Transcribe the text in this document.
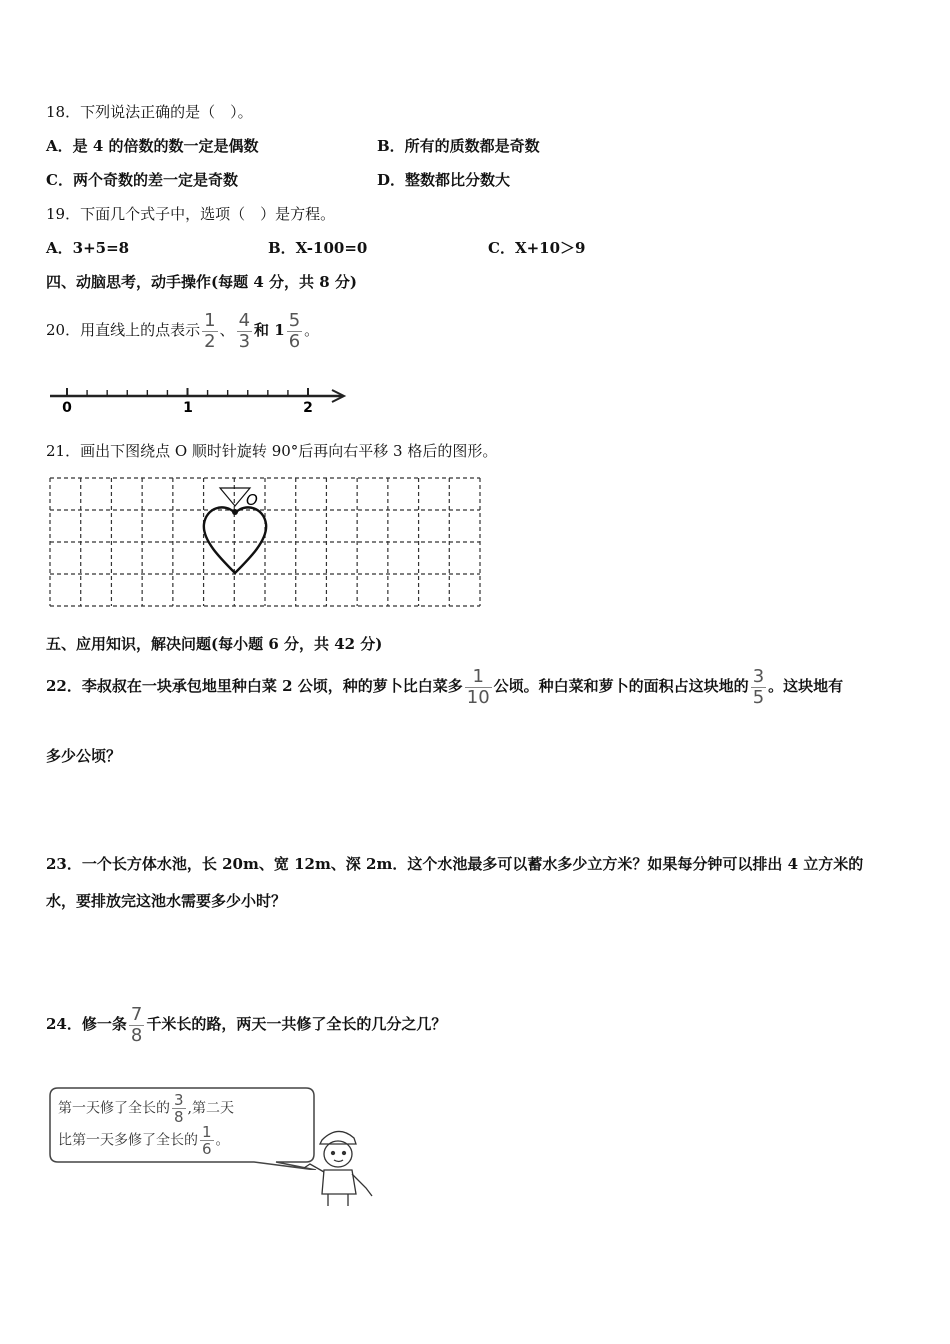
18．下列说法正确的是（　）。
A．是 4 的倍数的数一定是偶数	B．所有的质数都是奇数
C．两个奇数的差一定是奇数	D．整数都比分数大
19．下面几个式子中，选项（　）是方程。
A．3+5=8	B．X-100=0	C．X+10＞9
四、动脑思考，动手操作(每题 4 分，共 8 分)
20．用直线上的点表示 $\frac{1}{2}$ 、 $\frac{4}{3}$ 和 $1 \frac{5}{6}$ 。
0	1	2
21．画出下图绕点 O 顺时针旋转 90°后再向右平移 3 格后的图形。
O
五、应用知识，解决问题(每小题 6 分，共 42 分)
22．李叔叔在一块承包地里种白菜 2 公顷，种的萝卜比白菜多 $\frac{1}{10}$ 公顷。种白菜和萝卜的面积占这块地的 $\frac{3}{5}$ 。这块地有
多少公顷？
23．一个长方体水池，长 20m、宽 12m、深 2m．这个水池最多可以蓄水多少立方米？如果每分钟可以排出 4 立方米的
水，要排放完这池水需要多少小时？
24．修一条 $\frac{7}{8}$ 千米长的路，两天一共修了全长的几分之几？
第一天修了全长的 $\frac{3}{8}$ ,第二天
比第一天多修了全长的 $\frac{1}{6}$ 。
